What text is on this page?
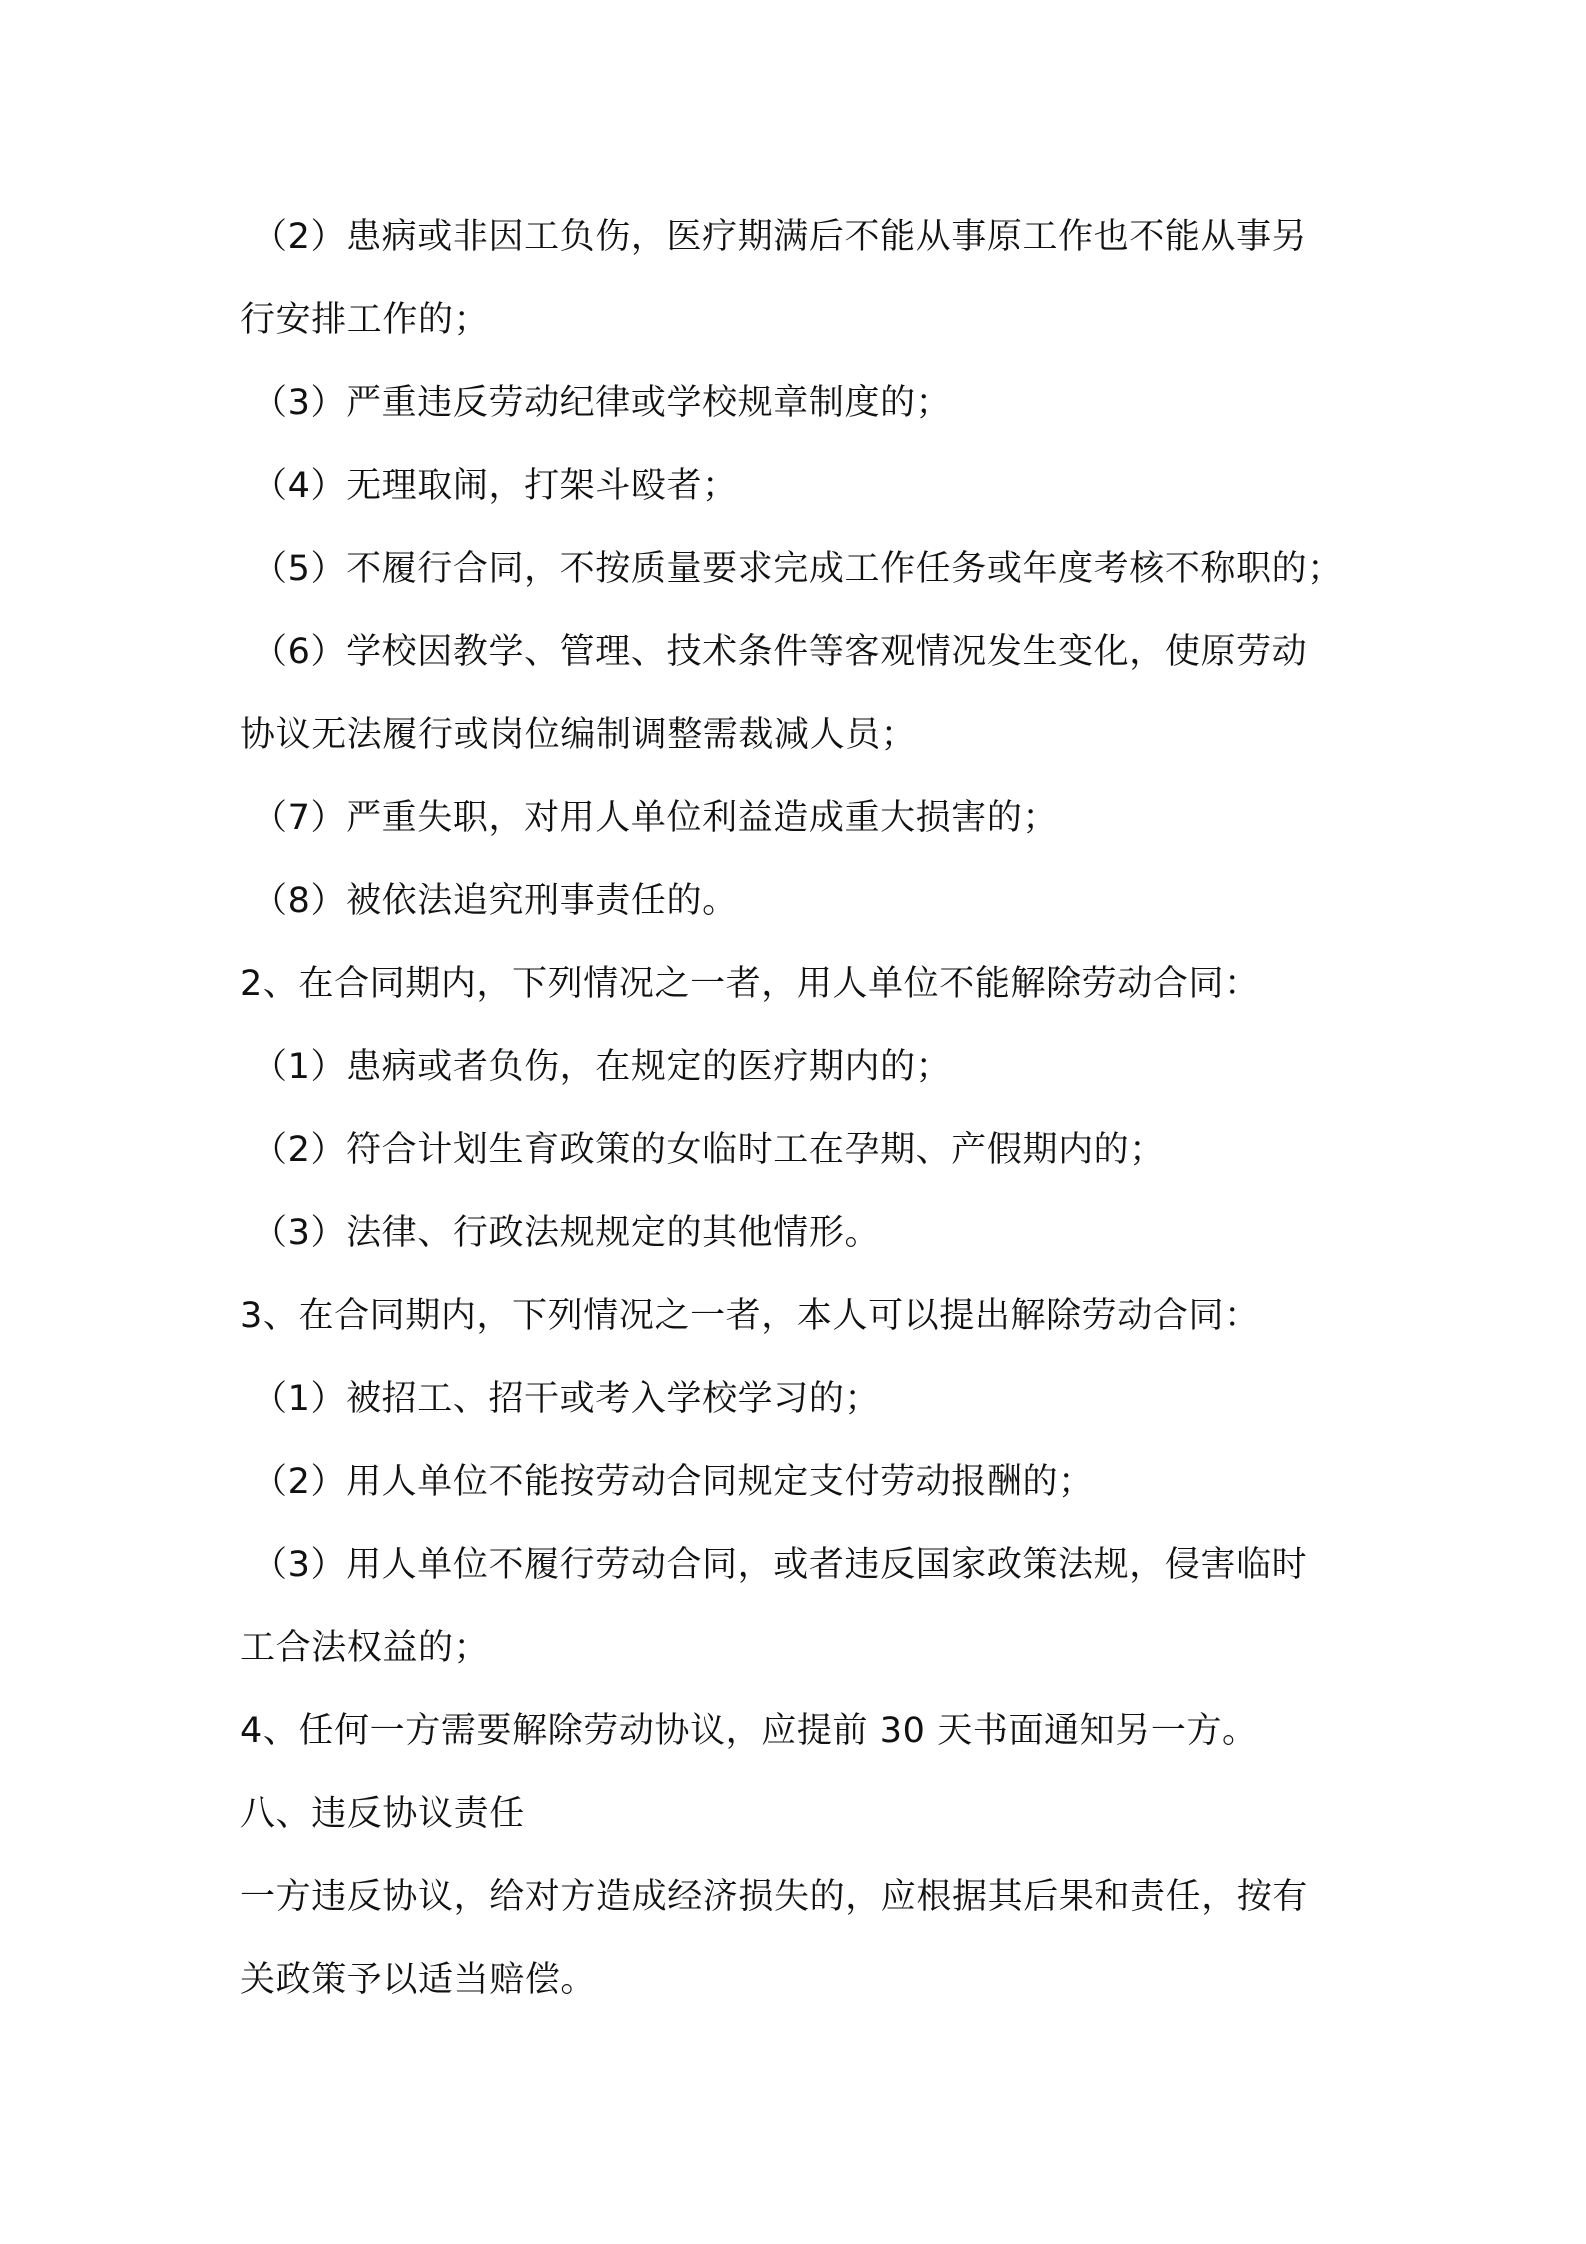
（2）患病或非因工负伤，医疗期满后不能从事原工作也不能从事另
行安排工作的；
（3）严重违反劳动纪律或学校规章制度的；
（4）无理取闹，打架斗殴者；
（5）不履行合同，不按质量要求完成工作任务或年度考核不称职的；
（6）学校因教学、管理、技术条件等客观情况发生变化，使原劳动
协议无法履行或岗位编制调整需裁减人员；
（7）严重失职，对用人单位利益造成重大损害的；
（8）被依法追究刑事责任的。
2、在合同期内，下列情况之一者，用人单位不能解除劳动合同：
（1）患病或者负伤，在规定的医疗期内的；
（2）符合计划生育政策的女临时工在孕期、产假期内的；
（3）法律、行政法规规定的其他情形。
3、在合同期内，下列情况之一者，本人可以提出解除劳动合同：
（1）被招工、招干或考入学校学习的；
（2）用人单位不能按劳动合同规定支付劳动报酬的；
（3）用人单位不履行劳动合同，或者违反国家政策法规，侵害临时
工合法权益的；
4、任何一方需要解除劳动协议，应提前 30 天书面通知另一方。
八、违反协议责任
一方违反协议，给对方造成经济损失的，应根据其后果和责任，按有
关政策予以适当赔偿。
